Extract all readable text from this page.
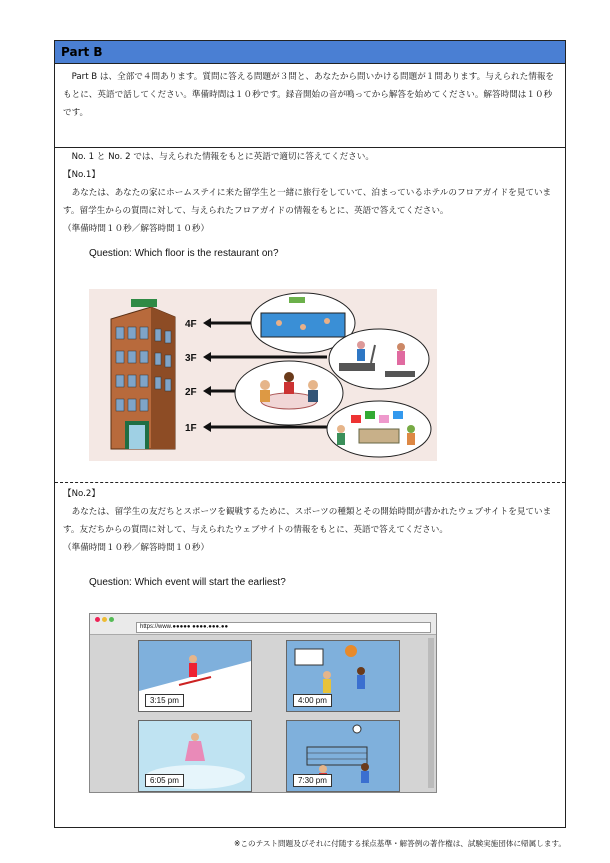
Part B
Part B は、全部で４問あります。質問に答える問題が３問と、あなたから問いかける問題が１問あります。与えられた情報をもとに、英語で話してください。準備時間は１０秒です。録音開始の音が鳴ってから解答を始めてください。解答時間は１０秒です。
No. 1 と No. 2 では、与えられた情報をもとに英語で適切に答えてください。
【No.1】
あなたは、あなたの家にホームステイに来た留学生と一緒に旅行をしていて、泊まっているホテルのフロアガイドを見ています。留学生からの質問に対して、与えられたフロアガイドの情報をもとに、英語で答えてください。
（準備時間１０秒／解答時間１０秒）
Question: Which floor is the restaurant on?
4F
3F
2F
1F
【No.2】
あなたは、留学生の友だちとスポーツを観戦するために、スポーツの種類とその開始時間が書かれたウェブサイトを見ています。友だちからの質問に対して、与えられたウェブサイトの情報をもとに、英語で答えてください。
（準備時間１０秒／解答時間１０秒）
Question: Which event will start the earliest?
https://www.●●●●● ●●●●.●●●.●●
3:15 pm	4:00 pm
6:05 pm	7:30 pm
※このテスト問題及びそれに付随する採点基準・解答例の著作権は、試験実施団体に帰属します。
